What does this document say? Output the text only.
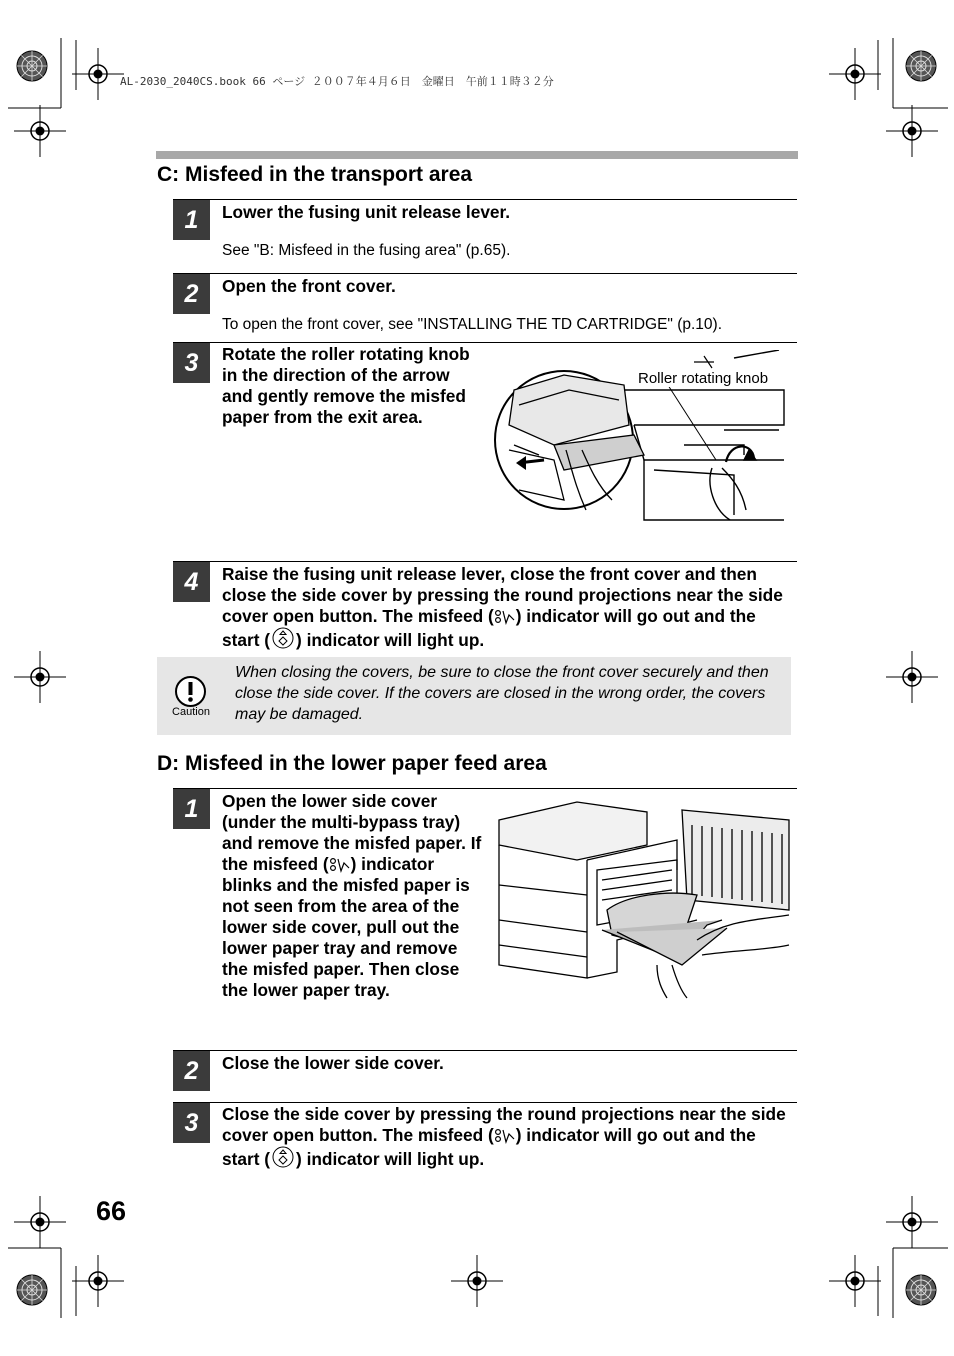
AL-2030_2040CS.book 66 ページ ２００７年４月６日　金曜日　午前１１時３２分
C: Misfeed in the transport area
1	Lower the fusing unit release lever.
See "B: Misfeed in the fusing area" (p.65).
2	Open the front cover.
To open the front cover, see "INSTALLING THE TD CARTRIDGE" (p.10).
3	Rotate the roller rotating knob in the direction of the arrow and gently remove the misfed paper from the exit area.
Roller rotating knob
4	Raise the fusing unit release lever, close the front cover and then close the side cover by pressing the round projections near the side cover open button. The misfeed ( ) indicator will go out and the start ( ) indicator will light up.
Caution
When closing the covers, be sure to close the front cover securely and then close the side cover. If the covers are closed in the wrong order, the covers may be damaged.
D: Misfeed in the lower paper feed area
1	Open the lower side cover (under the multi-bypass tray) and remove the misfed paper. If the misfeed ( ) indicator blinks and the misfed paper is not seen from the area of the lower side cover, pull out the lower paper tray and remove the misfed paper. Then close the lower paper tray.
2	Close the lower side cover.
3	Close the side cover by pressing the round projections near the side cover open button. The misfeed ( ) indicator will go out and the start ( ) indicator will light up.
66
